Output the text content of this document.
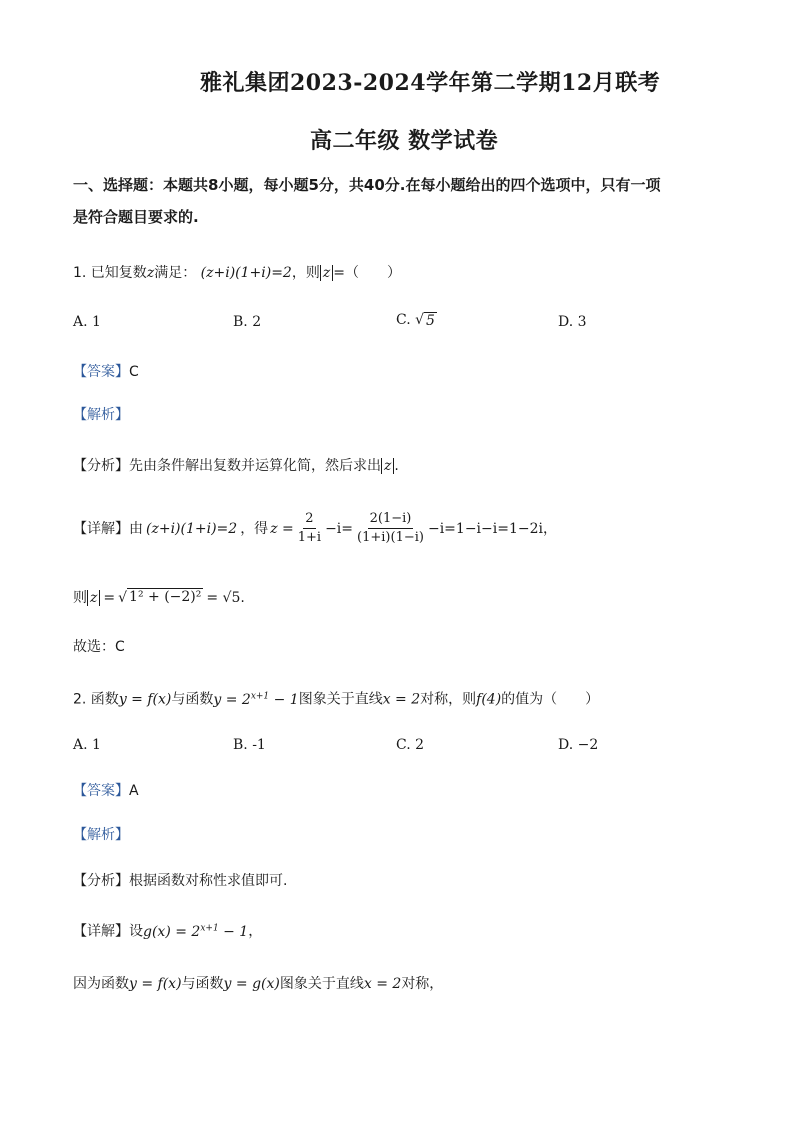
雅礼集团2023-2024学年第二学期12月联考
高二年级 数学试卷
一、选择题：本题共8小题，每小题5分，共40分.在每小题给出的四个选项中，只有一项
是符合题目要求的.
1. 已知复数z满足： (z+i)(1+i)=2，则 z =（　　）
A. 1	B. 2	C. √ 5	D. 3
【答案】C
【解析】
【分析】先由条件解出复数并运算化简，然后求出 z .
【详解】 由 (z+i)(1+i)=2 ，得 $z = \frac{2}{1+i} -i= \frac{2(1-i)}{(1+i)(1-i)} -i=1-i-i=1-2i$ ，
则 z = √ 1² + (−2)² = √5 .
故选：C
2. 函数y = f(x)与函数$y = 2^{x+1} - 1$图象关于直线x = 2对称，则f(4)的值为（　　）
A. 1	B. -1	C. 2	D. −2
【答案】A
【解析】
【分析】根据函数对称性求值即可.
【详解】设$g(x) = 2^{x+1} - 1$，
因为函数y = f(x)与函数y = g(x)图象关于直线x = 2对称，
